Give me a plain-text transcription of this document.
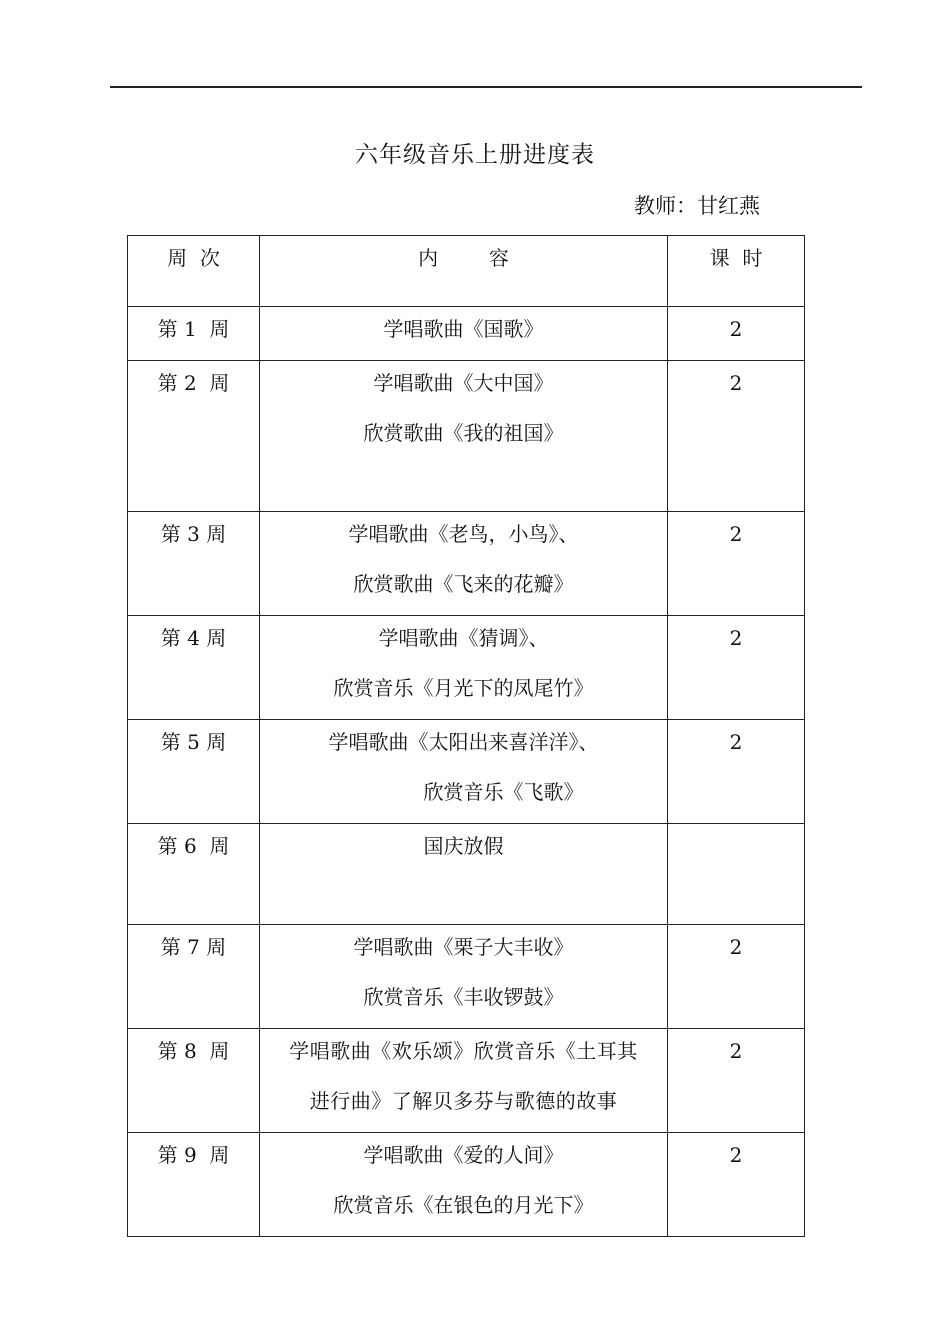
六年级音乐上册进度表
教师：甘红燕
周  次	内        容	课  时

第 1  周	学唱歌曲《国歌》	2

第 2  周	学唱歌曲《大中国》
欣赏歌曲《我的祖国》	2

第 3 周	学唱歌曲《老鸟，小鸟》、
欣赏歌曲《飞来的花瓣》	2

第 4 周	学唱歌曲《猜调》、
欣赏音乐《月光下的凤尾竹》	2

第 5 周	学唱歌曲《太阳出来喜洋洋》、
欣赏音乐《飞歌》	2

第 6  周	国庆放假	

第 7 周	学唱歌曲《栗子大丰收》
欣赏音乐《丰收锣鼓》	2

第 8  周	学唱歌曲《欢乐颂》欣赏音乐《土耳其
进行曲》了解贝多芬与歌德的故事	2

第 9  周	学唱歌曲《爱的人间》
欣赏音乐《在银色的月光下》	2
